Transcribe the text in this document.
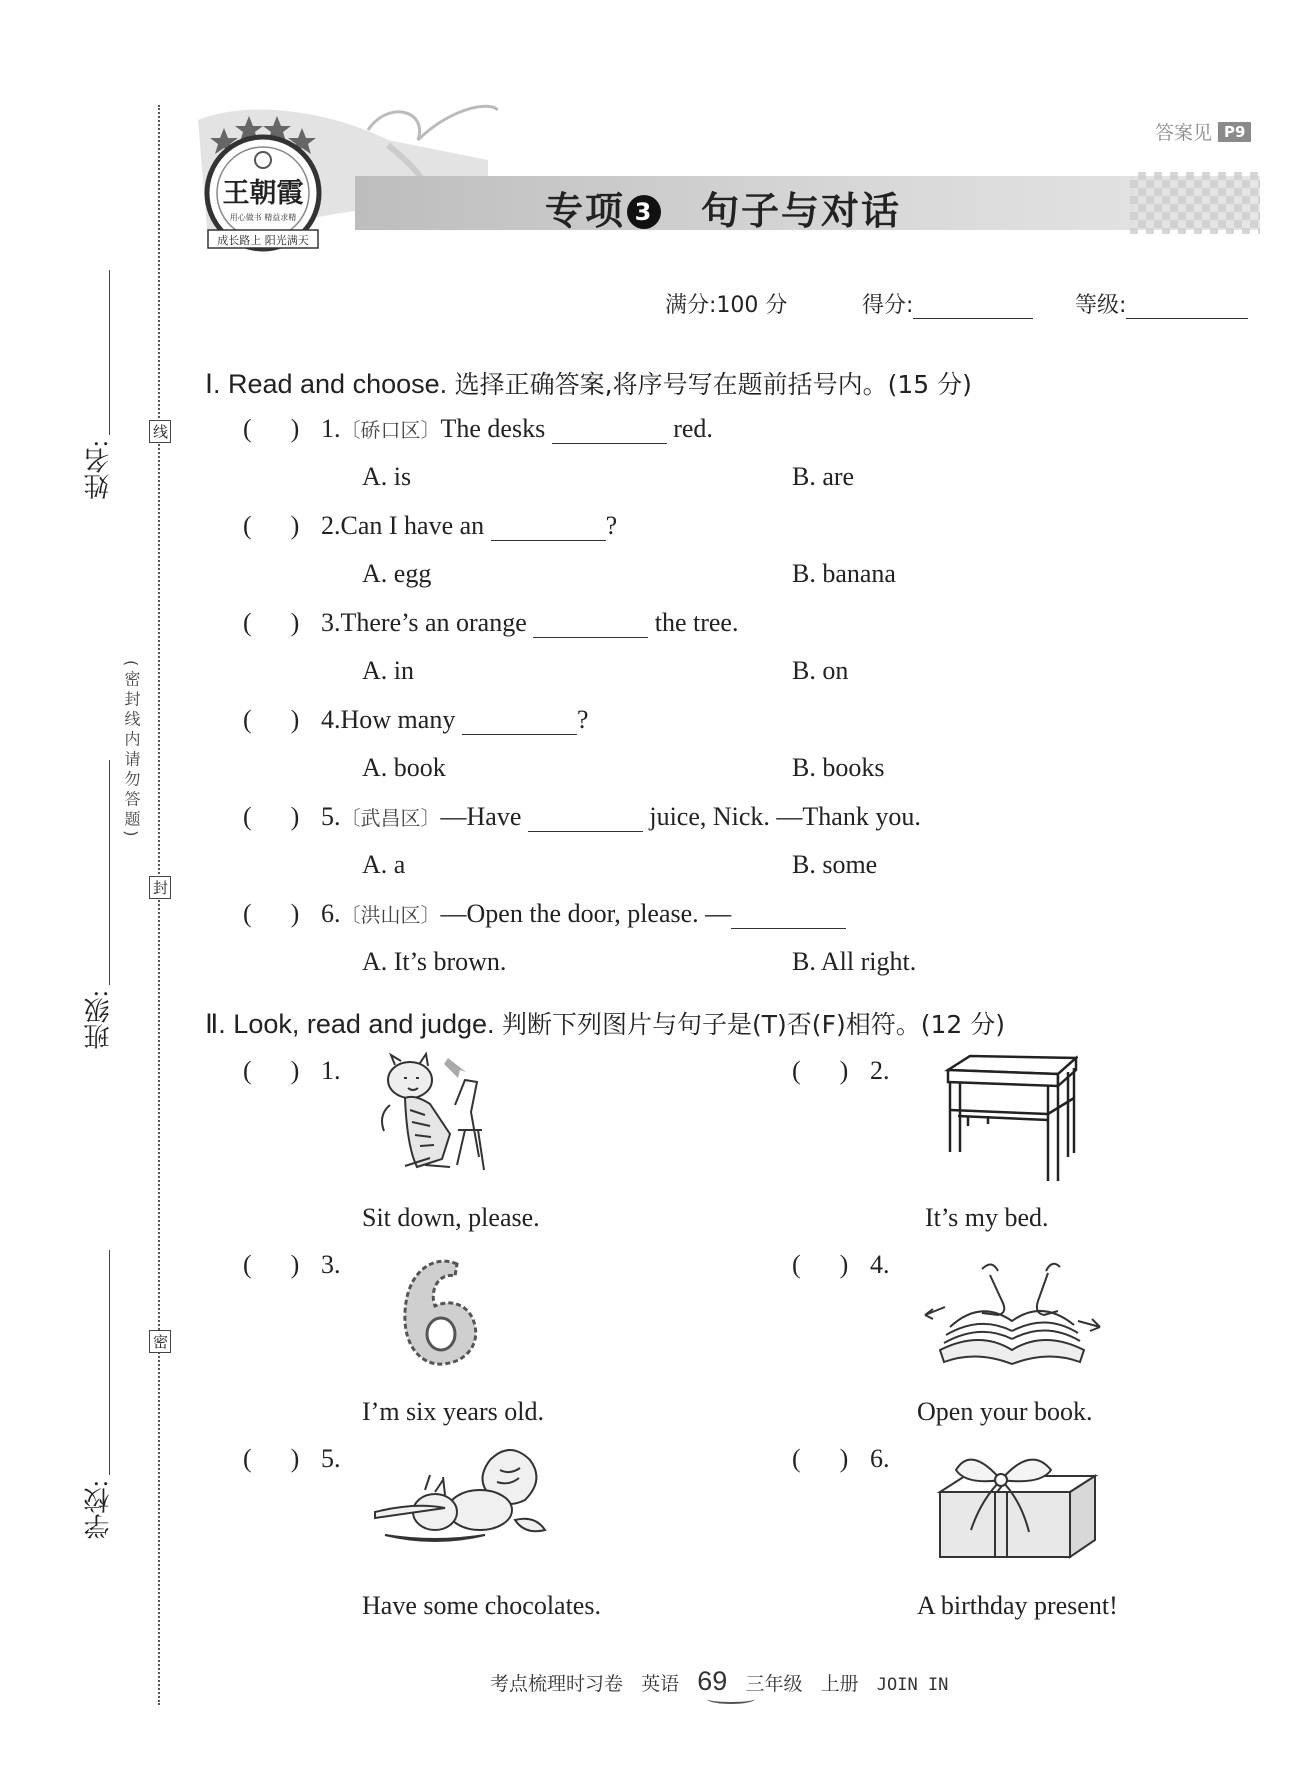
姓名:
班级:
学校:
(密封线内请勿答题)
线
封
密
王朝霞
用心做书 精益求精
成长路上 阳光满天
答案见 P9
专项 3 句子与对话
满分:100 分	得分:	等级:
Ⅰ. Read and choose. 选择正确答案,将序号写在题前括号内。(15 分)
(      ) 1.〔硚口区〕The desks	red.
A. is	B. are
(      ) 2.Can I have an	?
A. egg	B. banana
(      ) 3.There’s an orange	the tree.
A. in	B. on
(      ) 4.How many	?
A. book	B. books
(      ) 5.〔武昌区〕—Have	juice, Nick. —Thank you.
A. a	B. some
(      ) 6.〔洪山区〕—Open the door, please. —
A. It’s brown.	B. All right.
Ⅱ. Look, read and judge. 判断下列图片与句子是(T)否(F)相符。(12 分)
(      ) 1.
Sit down, please.
(      ) 2.
It’s my bed.
(      ) 3.
I’m six years old.
(      ) 4.
Open your book.
(      ) 5.
Have some chocolates.
(      ) 6.
A birthday present!
考点梳理时习卷 英语 69 三年级 上册 JOIN IN
